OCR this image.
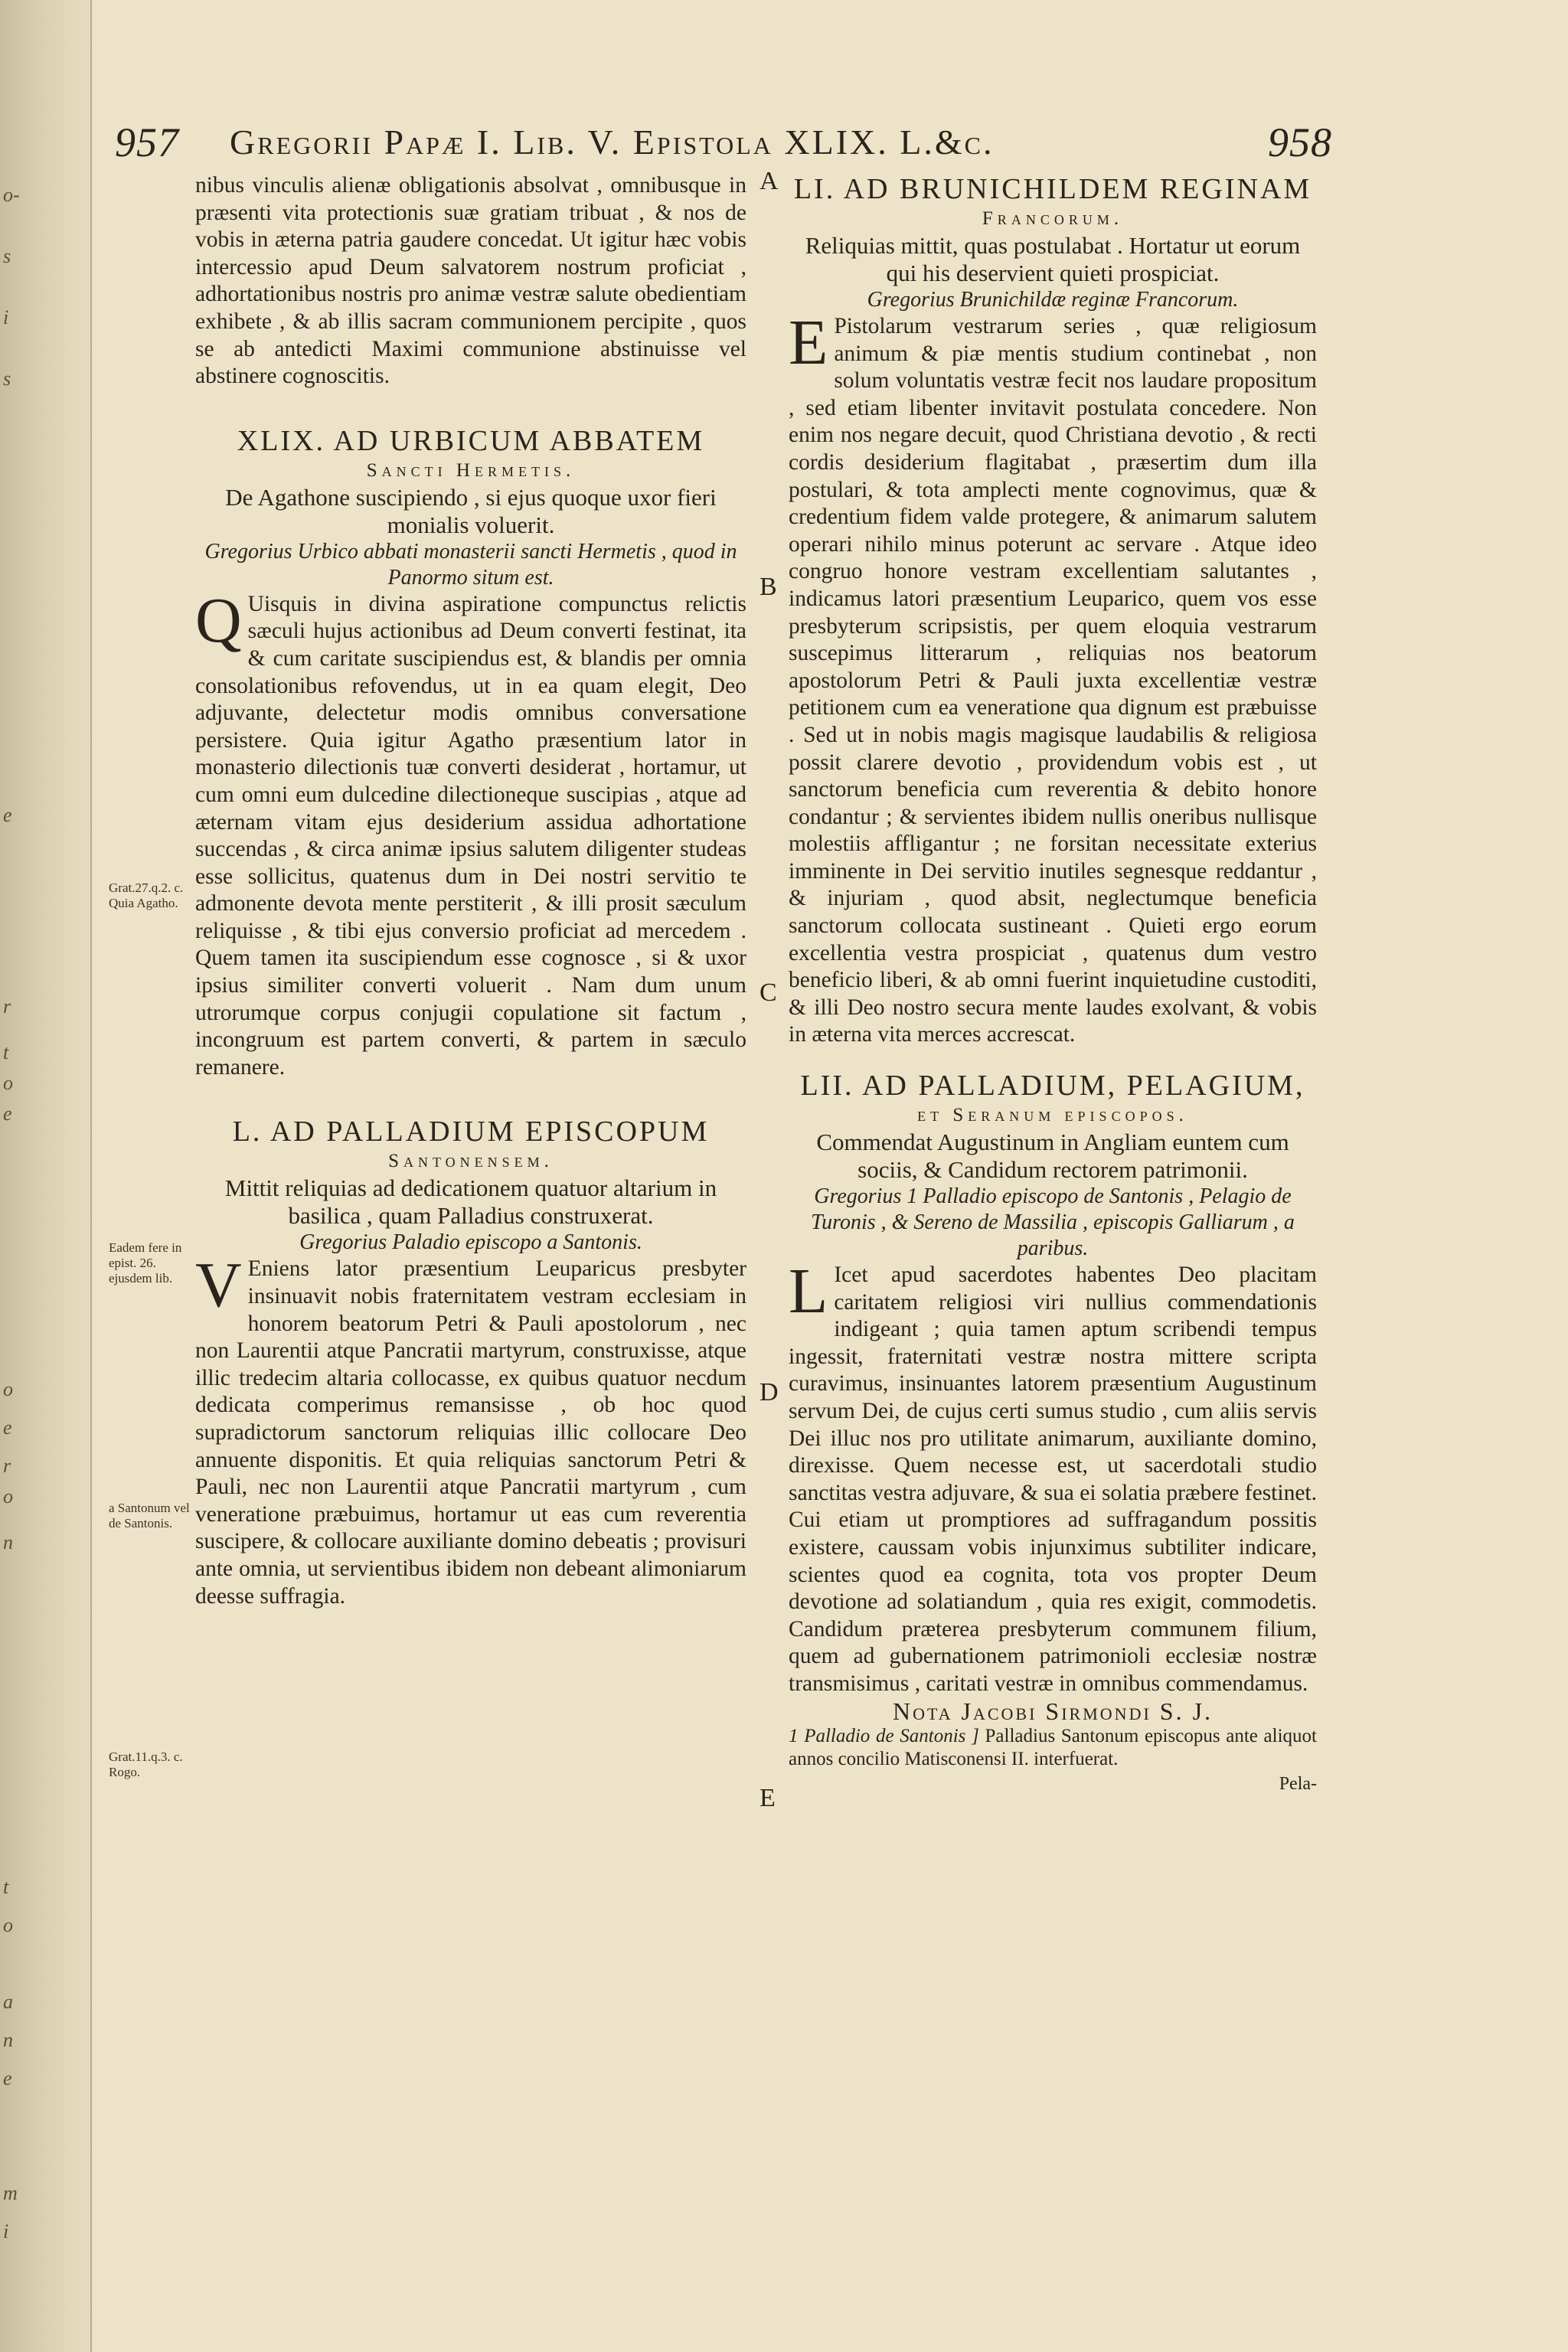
957 Gregorii Papæ I. Lib. V. Epistola XLIX. L.&c.	958
A
B
C
D
E
Grat.27.q.2. c. Quia Agatho.
Eadem fere in epist. 26. ejusdem lib.
a Santonum vel de Santonis.
Grat.11.q.3. c. Rogo.
o-
s
i
s
e
r
t
o
e
o
e
r
o
n
t
o
a
n
e
m
i

nibus vinculis alienæ obligationis absolvat , omnibusque in præsenti vita protectionis suæ gratiam tribuat , & nos de vobis in æterna patria gaudere concedat. Ut igitur hæc vobis intercessio apud Deum salvatorem nostrum proficiat , adhortationibus nostris pro animæ vestræ salute obedientiam exhibete , & ab illis sacram communionem percipite , quos se ab antedicti Maximi communione abstinuisse vel abstinere cognoscitis.

XLIX. AD URBICUM ABBATEM

Sancti Hermetis.

De Agathone suscipiendo , si ejus quoque uxor fieri monialis voluerit.

Gregorius Urbico abbati monasterii sancti Hermetis , quod in Panormo situm est.

Q Uisquis in divina aspiratione compunctus relictis sæculi hujus actionibus ad Deum converti festinat, ita & cum caritate suscipiendus est, & blandis per omnia consolationibus refovendus, ut in ea quam elegit, Deo adjuvante, delectetur modis omnibus conversatione persistere. Quia igitur Agatho præsentium lator in monasterio dilectionis tuæ converti desiderat , hortamur, ut cum omni eum dulcedine dilectioneque suscipias , atque ad æternam vitam ejus desiderium assidua adhortatione succendas , & circa animæ ipsius salutem diligenter studeas esse sollicitus, quatenus dum in Dei nostri servitio te admonente devota mente perstiterit , & illi prosit sæculum reliquisse , & tibi ejus conversio proficiat ad mercedem . Quem tamen ita suscipiendum esse cognosce , si & uxor ipsius similiter converti voluerit . Nam dum unum utrorumque corpus conjugii copulatione sit factum , incongruum est partem converti, & partem in sæculo remanere.

L. AD PALLADIUM EPISCOPUM

Santonensem.

Mittit reliquias ad dedicationem quatuor altarium in basilica , quam Palladius construxerat.

Gregorius Paladio episcopo a Santonis.

V Eniens lator præsentium Leuparicus presbyter insinuavit nobis fraternitatem vestram ecclesiam in honorem beatorum Petri & Pauli apostolorum , nec non Laurentii atque Pancratii martyrum, construxisse, atque illic tredecim altaria collocasse, ex quibus quatuor necdum dedicata comperimus remansisse , ob hoc quod supradictorum sanctorum reliquias illic collocare Deo annuente disponitis. Et quia reliquias sanctorum Petri & Pauli, nec non Laurentii atque Pancratii martyrum , cum veneratione præbuimus, hortamur ut eas cum reverentia suscipere, & collocare auxiliante domino debeatis ; provisuri ante omnia, ut servientibus ibidem non debeant alimoniarum deesse suffragia.

LI. AD BRUNICHILDEM REGINAM

Francorum.

Reliquias mittit, quas postulabat . Hortatur ut eorum qui his deservient quieti prospiciat.

Gregorius Brunichildæ reginæ Francorum.

E Pistolarum vestrarum series , quæ religiosum animum & piæ mentis studium continebat , non solum voluntatis vestræ fecit nos laudare propositum , sed etiam libenter invitavit postulata concedere. Non enim nos negare decuit, quod Christiana devotio , & recti cordis desiderium flagitabat , præsertim dum illa postulari, & tota amplecti mente cognovimus, quæ & credentium fidem valde protegere, & animarum salutem operari nihilo minus poterunt ac servare . Atque ideo congruo honore vestram excellentiam salutantes , indicamus latori præsentium Leuparico, quem vos esse presbyterum scripsistis, per quem eloquia vestrarum suscepimus litterarum , reliquias nos beatorum apostolorum Petri & Pauli juxta excellentiæ vestræ petitionem cum ea veneratione qua dignum est præbuisse . Sed ut in nobis magis magisque laudabilis & religiosa possit clarere devotio , providendum vobis est , ut sanctorum beneficia cum reverentia & debito honore condantur ; & servientes ibidem nullis oneribus nullisque molestiis affligantur ; ne forsitan necessitate exterius imminente in Dei servitio inutiles segnesque reddantur , & injuriam , quod absit, neglectumque beneficia sanctorum collocata sustineant . Quieti ergo eorum excellentia vestra prospiciat , quatenus dum vestro beneficio liberi, & ab omni fuerint inquietudine custoditi, & illi Deo nostro secura mente laudes exolvant, & vobis in æterna vita merces accrescat.

LII. AD PALLADIUM, PELAGIUM,

et Seranum episcopos.

Commendat Augustinum in Angliam euntem cum sociis, & Candidum rectorem patrimonii.

Gregorius 1 Palladio episcopo de Santonis , Pelagio de Turonis , & Sereno de Massilia , episcopis Galliarum , a paribus.

L Icet apud sacerdotes habentes Deo placitam caritatem religiosi viri nullius commendationis indigeant ; quia tamen aptum scribendi tempus ingessit, fraternitati vestræ nostra mittere scripta curavimus, insinuantes latorem præsentium Augustinum servum Dei, de cujus certi sumus studio , cum aliis servis Dei illuc nos pro utilitate animarum, auxiliante domino, direxisse. Quem necesse est, ut sacerdotali studio sanctitas vestra adjuvare, & sua ei solatia præbere festinet. Cui etiam ut promptiores ad suffragandum possitis existere, caussam vobis injunximus subtiliter indicare, scientes quod ea cognita, tota vos propter Deum devotione ad solatiandum , quia res exigit, commodetis. Candidum præterea presbyterum communem filium, quem ad gubernationem patrimonioli ecclesiæ nostræ transmisimus , caritati vestræ in omnibus commendamus.

Nota Jacobi Sirmondi S. J.

1 Palladio de Santonis ] Palladius Santonum episcopus ante aliquot annos concilio Matisconensi II. interfuerat.

Pela-
